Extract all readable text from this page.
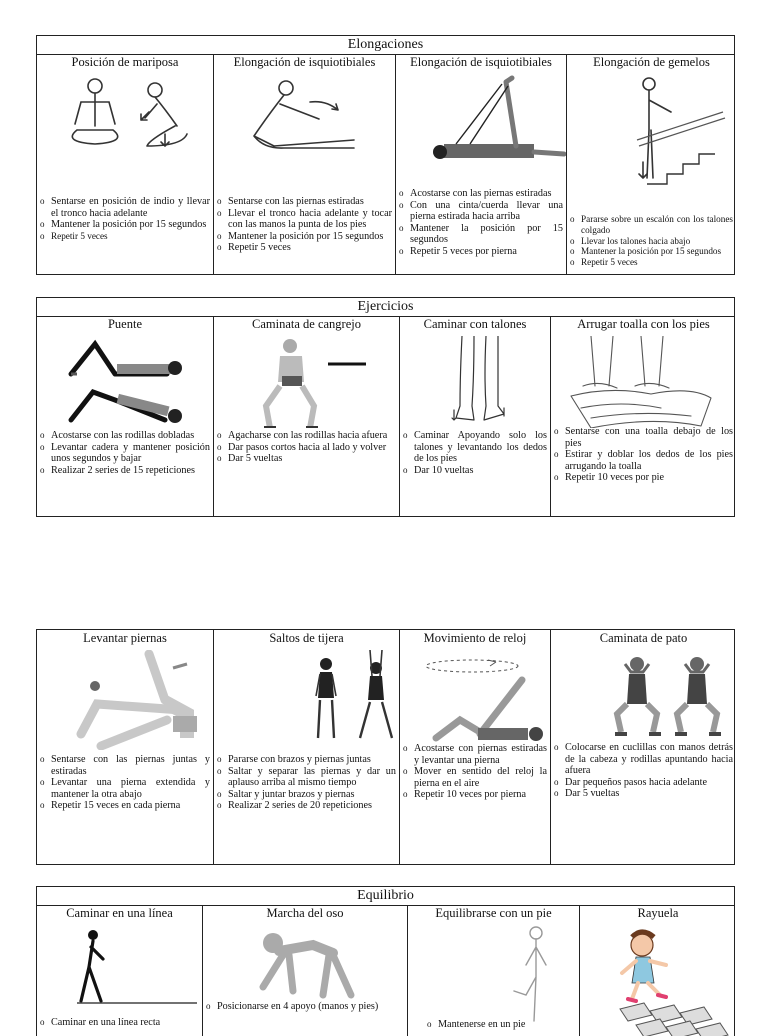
Elongaciones
Posición de mariposa
o Sentarse en posición de indio y llevar el tronco hacia adelante
o Mantener la posición por 15 segundos
o Repetir 5 veces
Elongación de isquiotibiales
o Sentarse con las piernas estiradas
o Llevar el tronco hacia adelante y tocar con las manos la punta de los pies
o Mantener la posición por 15 segundos
o Repetir 5 veces
Elongación de isquiotibiales
o Acostarse con las piernas estiradas
o Con una cinta/cuerda llevar una pierna estirada hacia arriba
o Mantener la posición por 15 segundos
o Repetir 5 veces por pierna
Elongación de gemelos
o Pararse sobre un escalón con los talones colgado
o Llevar los talones hacia abajo
o Mantener la posición por 15 segundos
o Repetir 5 veces
Ejercicios
Puente
o Acostarse con las rodillas dobladas
o Levantar cadera y mantener posición unos segundos y bajar
o Realizar 2 series de 15 repeticiones
Caminata de cangrejo
o Agacharse con las rodillas hacia afuera
o Dar pasos cortos hacia al lado y volver
o Dar 5 vueltas
Caminar con talones
o Caminar Apoyando solo los talones y levantando los dedos de los pies
o Dar 10 vueltas
Arrugar toalla con los pies
o Sentarse con una toalla debajo de los pies
o Estirar y doblar los dedos de los pies arrugando la toalla
o Repetir 10 veces por pie
Levantar piernas
o Sentarse con las piernas juntas y estiradas
o Levantar una pierna extendida y mantener la otra abajo
o Repetir 15 veces en cada pierna
Saltos de tijera
o Pararse con brazos y piernas juntas
o Saltar y separar las piernas y dar un aplauso arriba al mismo tiempo
o Saltar y juntar brazos y piernas
o Realizar 2 series de 20 repeticiones
Movimiento de reloj
o Acostarse con piernas estiradas y levantar una pierna
o Mover en sentido del reloj la pierna en el aire
o Repetir 10 veces por pierna
Caminata de pato
o Colocarse en cuclillas con manos detrás de la cabeza y rodillas apuntando hacia afuera
o Dar pequeños pasos hacia adelante
o Dar 5 vueltas
Equilibrio
Caminar en una línea
o Caminar en una línea recta
Marcha del oso
o Posicionarse en 4 apoyo (manos y pies)
Equilibrarse con un pie
o Mantenerse en un pie
Rayuela
